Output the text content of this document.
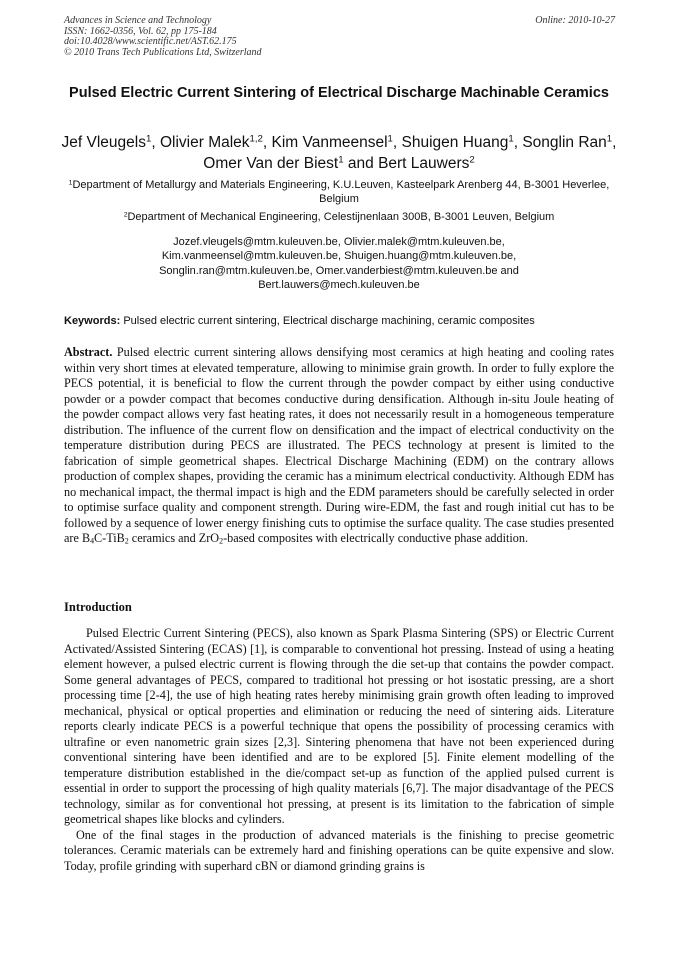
Advances in Science and Technology
ISSN: 1662-0356, Vol. 62, pp 175-184
doi:10.4028/www.scientific.net/AST.62.175
© 2010 Trans Tech Publications Ltd, Switzerland
Online: 2010-10-27
Pulsed Electric Current Sintering of Electrical Discharge Machinable Ceramics
Jef Vleugels$^1$, Olivier Malek$^{1,2}$, Kim Vanmeensel$^1$, Shuigen Huang$^1$, Songlin Ran$^1$, Omer Van der Biest$^1$ and Bert Lauwers$^2$
$^1$Department of Metallurgy and Materials Engineering, K.U.Leuven, Kasteelpark Arenberg 44, B-3001 Heverlee, Belgium
$^2$Department of Mechanical Engineering, Celestijnenlaan 300B, B-3001 Leuven, Belgium
Jozef.vleugels@mtm.kuleuven.be, Olivier.malek@mtm.kuleuven.be,
Kim.vanmeensel@mtm.kuleuven.be, Shuigen.huang@mtm.kuleuven.be,
Songlin.ran@mtm.kuleuven.be, Omer.vanderbiest@mtm.kuleuven.be and
Bert.lauwers@mech.kuleuven.be
Keywords: Pulsed electric current sintering, Electrical discharge machining, ceramic composites

Abstract. Pulsed electric current sintering allows densifying most ceramics at high heating and cooling rates within very short times at elevated temperature, allowing to minimise grain growth. In order to fully explore the PECS potential, it is beneficial to flow the current through the powder compact by either using conductive powder or a powder compact that becomes conductive during densification. Although in-situ Joule heating of the powder compact allows very fast heating rates, it does not necessarily result in a homogeneous temperature distribution. The influence of the current flow on densification and the impact of electrical conductivity on the temperature distribution during PECS are illustrated. The PECS technology at present is limited to the fabrication of simple geometrical shapes. Electrical Discharge Machining (EDM) on the contrary allows production of complex shapes, providing the ceramic has a minimum electrical conductivity. Although EDM has no mechanical impact, the thermal impact is high and the EDM parameters should be carefully selected in order to optimise surface quality and component strength. During wire-EDM, the fast and rough initial cut has to be followed by a sequence of lower energy finishing cuts to optimise the surface quality. The case studies presented are $B_4C-TiB_2$ ceramics and ZrO$_2$-based composites with electrically conductive phase addition.

Introduction

Pulsed Electric Current Sintering (PECS), also known as Spark Plasma Sintering (SPS) or Electric Current Activated/Assisted Sintering (ECAS) [1], is comparable to conventional hot pressing. Instead of using a heating element however, a pulsed electric current is flowing through the die set-up that contains the powder compact. Some general advantages of PECS, compared to traditional hot pressing or hot isostatic pressing, are a short processing time [2-4], the use of high heating rates hereby minimising grain growth often leading to improved mechanical, physical or optical properties and elimination or reducing the need of sintering aids. Literature reports clearly indicate PECS is a powerful technique that opens the possibility of processing ceramics with ultrafine or even nanometric grain sizes [2,3]. Sintering phenomena that have not been experienced during conventional sintering have been identified and are to be explored [5]. Finite element modelling of the temperature distribution established in the die/compact set-up as function of the applied pulsed current is essential in order to support the processing of high quality materials [6,7]. The major disadvantage of the PECS technology, similar as for conventional hot pressing, at present is its limitation to the fabrication of simple geometrical shapes like blocks and cylinders.

One of the final stages in the production of advanced materials is the finishing to precise geometric tolerances. Ceramic materials can be extremely hard and finishing operations can be quite expensive and slow. Today, profile grinding with superhard cBN or diamond grinding grains is
